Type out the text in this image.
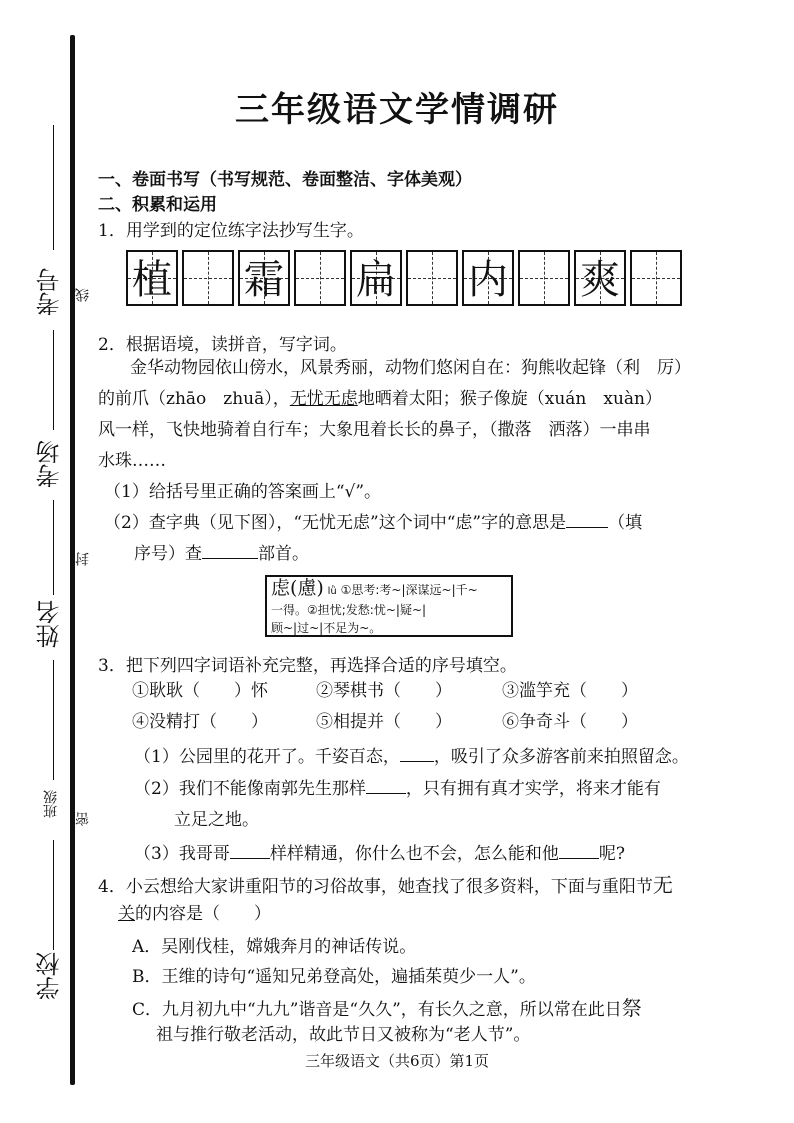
考号
考场
姓名
班级
学校
线
封
密
三年级语文学情调研
一、卷面书写（书写规范、卷面整洁、字体美观）
二、积累和运用
1．用学到的定位练字法抄写生字。
植 霜 扁 内 爽
2．根据语境，读拼音，写字词。
金华动物园依山傍水，风景秀丽，动物们悠闲自在：狗熊收起锋（利　厉）
的前爪（zhāo　zhuā），无忧无虑地晒着太阳；猴子像旋（xuán　xuàn）
风一样，飞快地骑着自行车；大象甩着长长的鼻子，（撒落　洒落）一串串
水珠……
（1）给括号里正确的答案画上“√”。
（2）查字典（见下图），“无忧无虑”这个词中“虑”字的意思是 （填
序号）查	部首。
虑(慮) lǜ ①思考:考~|深谋远~|千~
一得。②担忧;发愁:忧~|疑~|
顾~|过~|不足为~。
3．把下列四字词语补充完整，再选择合适的序号填空。
①耿耿（　　）怀	②琴棋书（　　）	③滥竽充（　　）
④没精打（　　）	⑤相提并（　　）	⑥争奇斗（　　）
（1）公园里的花开了。千姿百态， ，吸引了众多游客前来拍照留念。
（2）我们不能像南郭先生那样 ，只有拥有真才实学，将来才能有
立足之地。
（3）我哥哥 样样精通，你什么也不会，怎么能和他 呢?
4．小云想给大家讲重阳节的习俗故事，她查找了很多资料，下面与重阳节无
关的内容是（　　）
A．吴刚伐桂，嫦娥奔月的神话传说。
B．王维的诗句“遥知兄弟登高处，遍插茱萸少一人”。
C．九月初九中“九九”谐音是“久久”，有长久之意，所以常在此日祭
祖与推行敬老活动，故此节日又被称为“老人节”。
三年级语文（共6页）第1页
